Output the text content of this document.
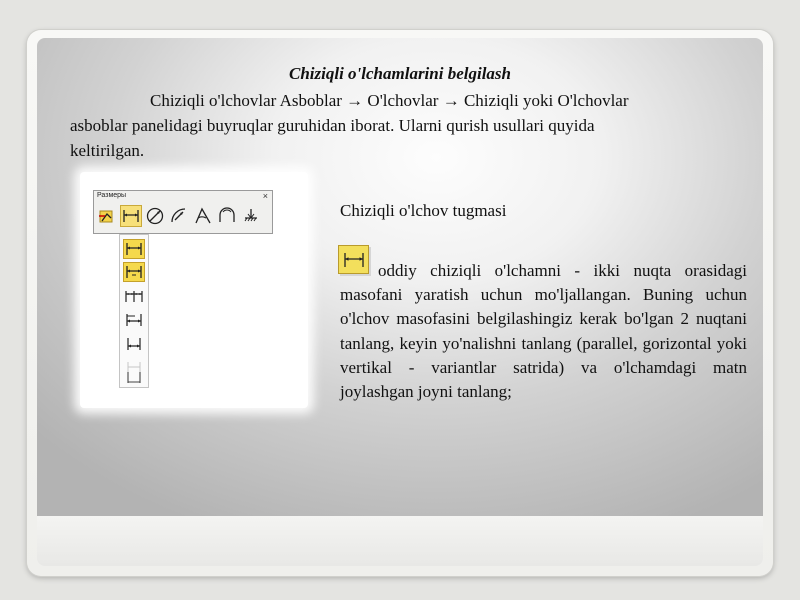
Chiziqli o'lchamlarini belgilash
Chiziqli o'lchovlar Asboblar → O'lchovlar → Chiziqli yoki O'lchovlar
asboblar panelidagi buyruqlar guruhidan iborat. Ularni qurish usullari quyida
keltirilgan.
Размеры	×
Chiziqli o'lchov tugmasi

oddiy chiziqli o'lchamni - ikki nuqta orasidagi masofani yaratish uchun mo'ljallangan. Buning uchun o'lchov masofasini belgilashingiz kerak bo'lgan 2 nuqtani tanlang, keyin yo'nalishni tanlang (parallel, gorizontal yoki vertikal - variantlar satrida) va o'lchamdagi matn joylashgan joyni tanlang;
